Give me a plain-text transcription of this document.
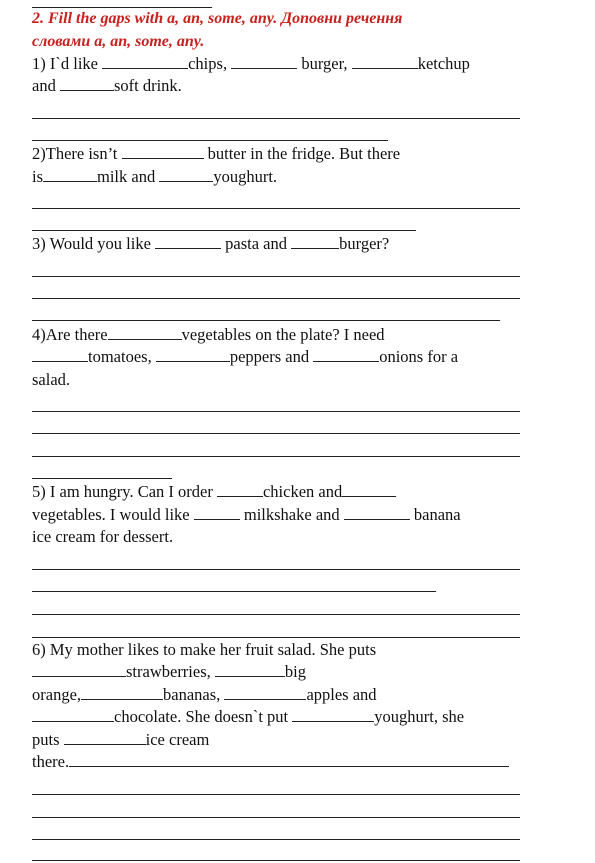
2. Fill the gaps with a, an, some, any. Доповни речення
словами a, an, some, any.
1) I`d like	chips,	burger,	ketchup
and	soft drink.
2)There isn’t	butter in the fridge. But there
is	milk and	youghurt.
3) Would you like	pasta and	burger?
4)Are there	vegetables on the plate? I need
tomatoes,	peppers and	onions for a
salad.
5) I am hungry. Can I order	chicken and
vegetables. I would like	milkshake and	banana
ice cream for dessert.
6) My mother likes to make her fruit salad. She puts
strawberries,	big
orange,	bananas,	apples and
chocolate. She doesn`t put	youghurt, she
puts	ice cream
there.
